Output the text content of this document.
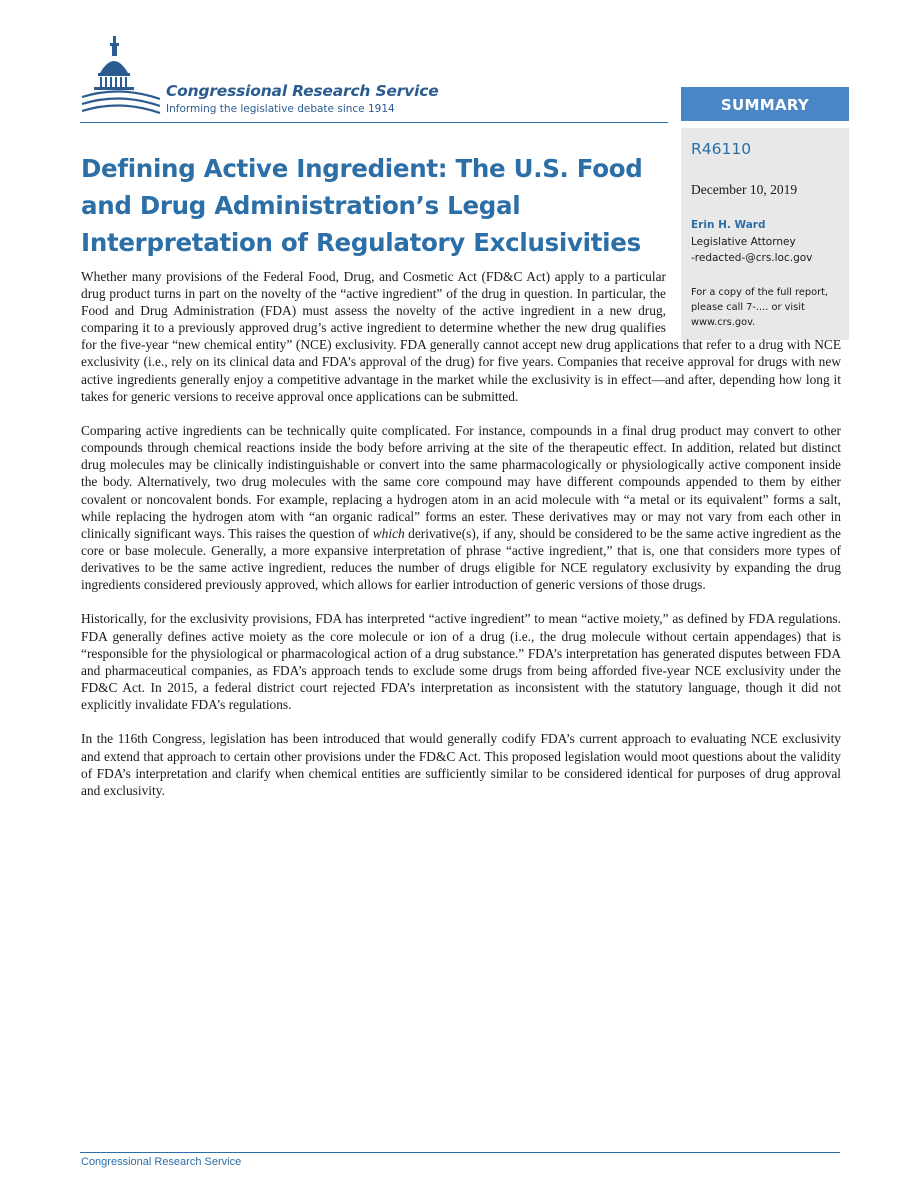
Congressional Research Service
Informing the legislative debate since 1914	SUMMARY
R46110
December 10, 2019
Erin H. Ward
Legislative Attorney
-redacted-@crs.loc.gov
For a copy of the full report,
please call 7-.... or visit
www.crs.gov.
Defining Active Ingredient: The U.S. Food and Drug Administration’s Legal Interpretation of Regulatory Exclusivities

Whether many provisions of the Federal Food, Drug, and Cosmetic Act (FD&C Act) apply to a particular drug product turns in part on the novelty of the “active ingredient” of the drug in question. In particular, the Food and Drug Administration (FDA) must assess the novelty of the active ingredient in a new drug, comparing it to a previously approved drug’s active ingredient to determine whether the new drug qualifies for the five-year “new chemical entity” (NCE) exclusivity. FDA generally cannot accept new drug applications that refer to a drug with NCE exclusivity (i.e., rely on its clinical data and FDA’s approval of the drug) for five years. Companies that receive approval for drugs with new active ingredients generally enjoy a competitive advantage in the market while the exclusivity is in effect—and after, depending how long it takes for generic versions to receive approval once applications can be submitted.

Comparing active ingredients can be technically quite complicated. For instance, compounds in a final drug product may convert to other compounds through chemical reactions inside the body before arriving at the site of the therapeutic effect. In addition, related but distinct drug molecules may be clinically indistinguishable or convert into the same pharmacologically or physiologically active component inside the body. Alternatively, two drug molecules with the same core compound may have different compounds appended to them by either covalent or noncovalent bonds. For example, replacing a hydrogen atom in an acid molecule with “a metal or its equivalent” forms a salt, while replacing the hydrogen atom with “an organic radical” forms an ester. These derivatives may or may not vary from each other in clinically significant ways. This raises the question of which derivative(s), if any, should be considered to be the same active ingredient as the core or base molecule. Generally, a more expansive interpretation of phrase “active ingredient,” that is, one that considers more types of derivatives to be the same active ingredient, reduces the number of drugs eligible for NCE regulatory exclusivity by expanding the drug ingredients considered previously approved, which allows for earlier introduction of generic versions of those drugs.

Historically, for the exclusivity provisions, FDA has interpreted “active ingredient” to mean “active moiety,” as defined by FDA regulations. FDA generally defines active moiety as the core molecule or ion of a drug (i.e., the drug molecule without certain appendages) that is “responsible for the physiological or pharmacological action of a drug substance.” FDA’s interpretation has generated disputes between FDA and pharmaceutical companies, as FDA’s approach tends to exclude some drugs from being afforded five-year NCE exclusivity under the FD&C Act. In 2015, a federal district court rejected FDA’s interpretation as inconsistent with the statutory language, though it did not explicitly invalidate FDA’s regulations.

In the 116th Congress, legislation has been introduced that would generally codify FDA’s current approach to evaluating NCE exclusivity and extend that approach to certain other provisions under the FD&C Act. This proposed legislation would moot questions about the validity of FDA’s interpretation and clarify when chemical entities are sufficiently similar to be considered identical for purposes of drug approval and exclusivity.

Congressional Research Service
